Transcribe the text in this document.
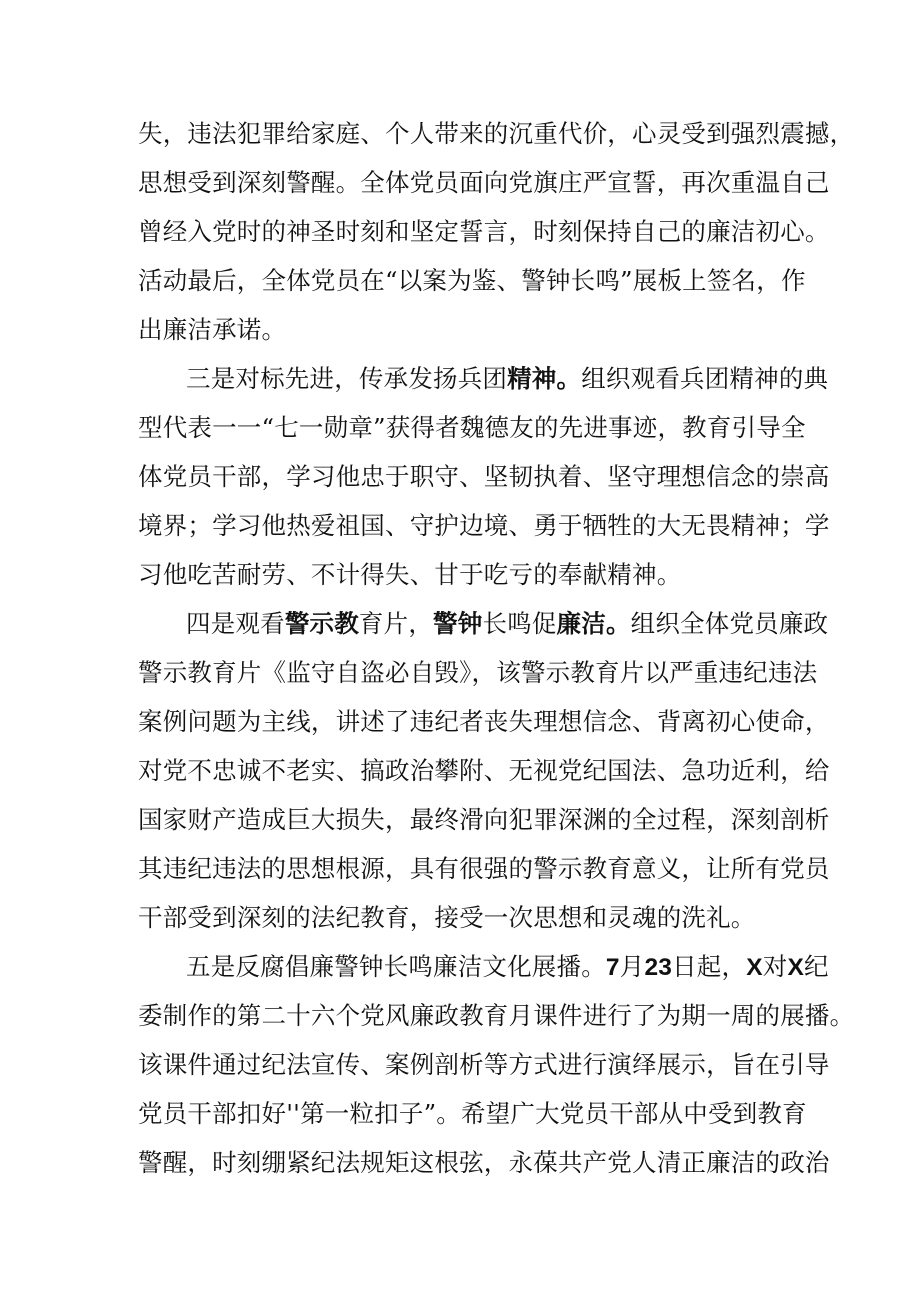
失，违法犯罪给家庭、个人带来的沉重代价，心灵受到强烈震撼，
思想受到深刻警醒。全体党员面向党旗庄严宣誓，再次重温自己
曾经入党时的神圣时刻和坚定誓言，时刻保持自己的廉洁初心。
活动最后，全体党员在“以案为鉴、警钟长鸣”展板上签名，作
出廉洁承诺。
三是对标先进，传承发扬兵团精神。组织观看兵团精神的典
型代表一一“七一勋章”获得者魏德友的先进事迹，教育引导全
体党员干部，学习他忠于职守、坚韧执着、坚守理想信念的崇高
境界；学习他热爱祖国、守护边境、勇于牺牲的大无畏精神；学
习他吃苦耐劳、不计得失、甘于吃亏的奉献精神。
四是观看警示教育片，警钟长鸣促廉洁。组织全体党员廉政
警示教育片《监守自盗必自毁》，该警示教育片以严重违纪违法
案例问题为主线，讲述了违纪者丧失理想信念、背离初心使命，
对党不忠诚不老实、搞政治攀附、无视党纪国法、急功近利，给
国家财产造成巨大损失，最终滑向犯罪深渊的全过程，深刻剖析
其违纪违法的思想根源，具有很强的警示教育意义，让所有党员
干部受到深刻的法纪教育，接受一次思想和灵魂的洗礼。
五是反腐倡廉警钟长鸣廉洁文化展播。7月23日起，X对X纪
委制作的第二十六个党风廉政教育月课件进行了为期一周的展播。
该课件通过纪法宣传、案例剖析等方式进行演绎展示，旨在引导
党员干部扣好''第一粒扣子”。希望广大党员干部从中受到教育
警醒，时刻绷紧纪法规矩这根弦，永葆共产党人清正廉洁的政治
